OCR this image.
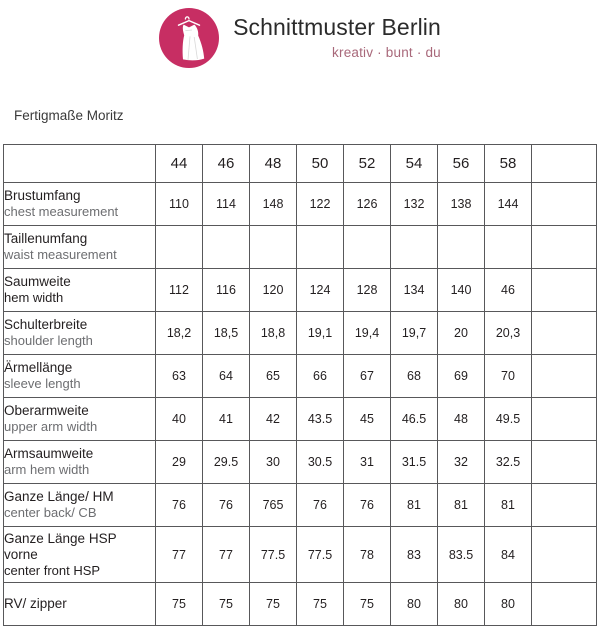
Schnittmuster Berlin
kreativ · bunt · du
Fertigmaße Moritz
	44	46	48	50	52	54	56	58	

Brustumfang
chest measurement	110	114	148	122	126	132	138	144	

Taillenumfang
waist measurement									

Saumweite
hem width	112	116	120	124	128	134	140	46	

Schulterbreite
shoulder length	18,2	18,5	18,8	19,1	19,4	19,7	20	20,3	

Ärmellänge
sleeve length	63	64	65	66	67	68	69	70	

Oberarmweite
upper arm width	40	41	42	43.5	45	46.5	48	49.5	

Armsaumweite
arm hem width	29	29.5	30	30.5	31	31.5	32	32.5	

Ganze Länge/ HM
center back/ CB	76	76	765	76	76	81	81	81	

Ganze Länge HSP
vorne
center front HSP	77	77	77.5	77.5	78	83	83.5	84	

RV/ zipper	75	75	75	75	75	80	80	80	
